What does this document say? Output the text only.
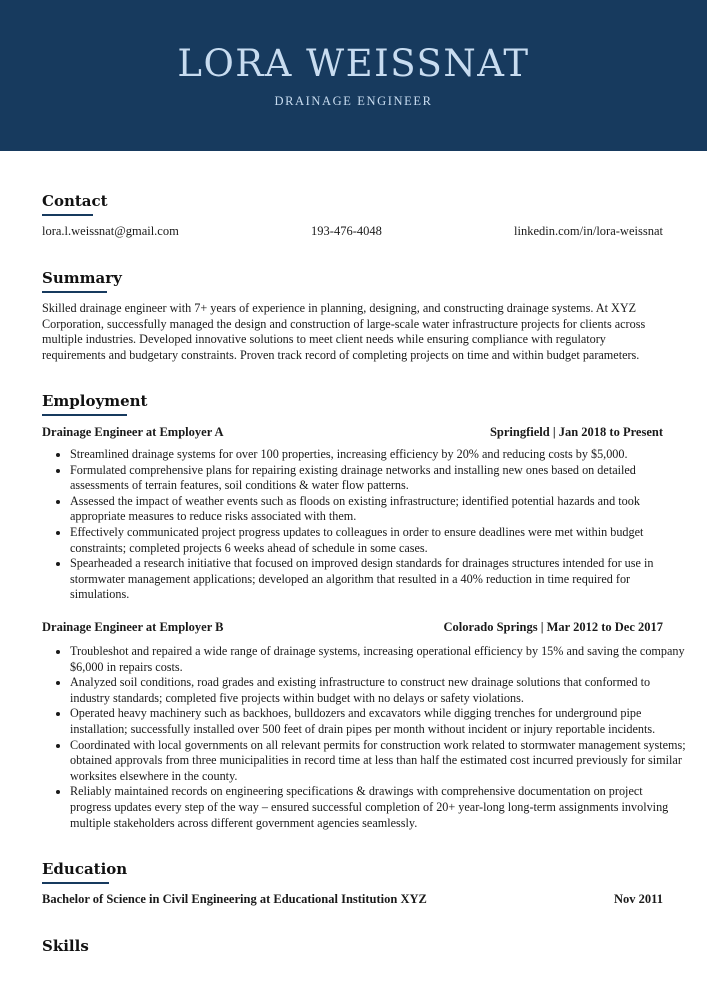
LORA WEISSNAT
DRAINAGE ENGINEER
Contact
lora.l.weissnat@gmail.com	193-476-4048	linkedin.com/in/lora-weissnat
Summary
Skilled drainage engineer with 7+ years of experience in planning, designing, and constructing drainage systems. At XYZ Corporation, successfully managed the design and construction of large-scale water infrastructure projects for clients across multiple industries. Developed innovative solutions to meet client needs while ensuring compliance with regulatory requirements and budgetary constraints. Proven track record of completing projects on time and within budget parameters.
Employment
Drainage Engineer at Employer A	Springfield | Jan 2018 to Present
• Streamlined drainage systems for over 100 properties, increasing efficiency by 20% and reducing costs by $5,000.
• Formulated comprehensive plans for repairing existing drainage networks and installing new ones based on detailed assessments of terrain features, soil conditions & water flow patterns.
• Assessed the impact of weather events such as floods on existing infrastructure; identified potential hazards and took appropriate measures to reduce risks associated with them.
• Effectively communicated project progress updates to colleagues in order to ensure deadlines were met within budget constraints; completed projects 6 weeks ahead of schedule in some cases.
• Spearheaded a research initiative that focused on improved design standards for drainages structures intended for use in stormwater management applications; developed an algorithm that resulted in a 40% reduction in time required for simulations.
Drainage Engineer at Employer B	Colorado Springs | Mar 2012 to Dec 2017
• Troubleshot and repaired a wide range of drainage systems, increasing operational efficiency by 15% and saving the company $6,000 in repairs costs.
• Analyzed soil conditions, road grades and existing infrastructure to construct new drainage solutions that conformed to industry standards; completed five projects within budget with no delays or safety violations.
• Operated heavy machinery such as backhoes, bulldozers and excavators while digging trenches for underground pipe installation; successfully installed over 500 feet of drain pipes per month without incident or injury reportable incidents.
• Coordinated with local governments on all relevant permits for construction work related to stormwater management systems; obtained approvals from three municipalities in record time at less than half the estimated cost incurred previously for similar worksites elsewhere in the county.
• Reliably maintained records on engineering specifications & drawings with comprehensive documentation on project progress updates every step of the way – ensured successful completion of 20+ year-long long-term assignments involving multiple stakeholders across different government agencies seamlessly.
Education
Bachelor of Science in Civil Engineering at Educational Institution XYZ	Nov 2011
Skills
